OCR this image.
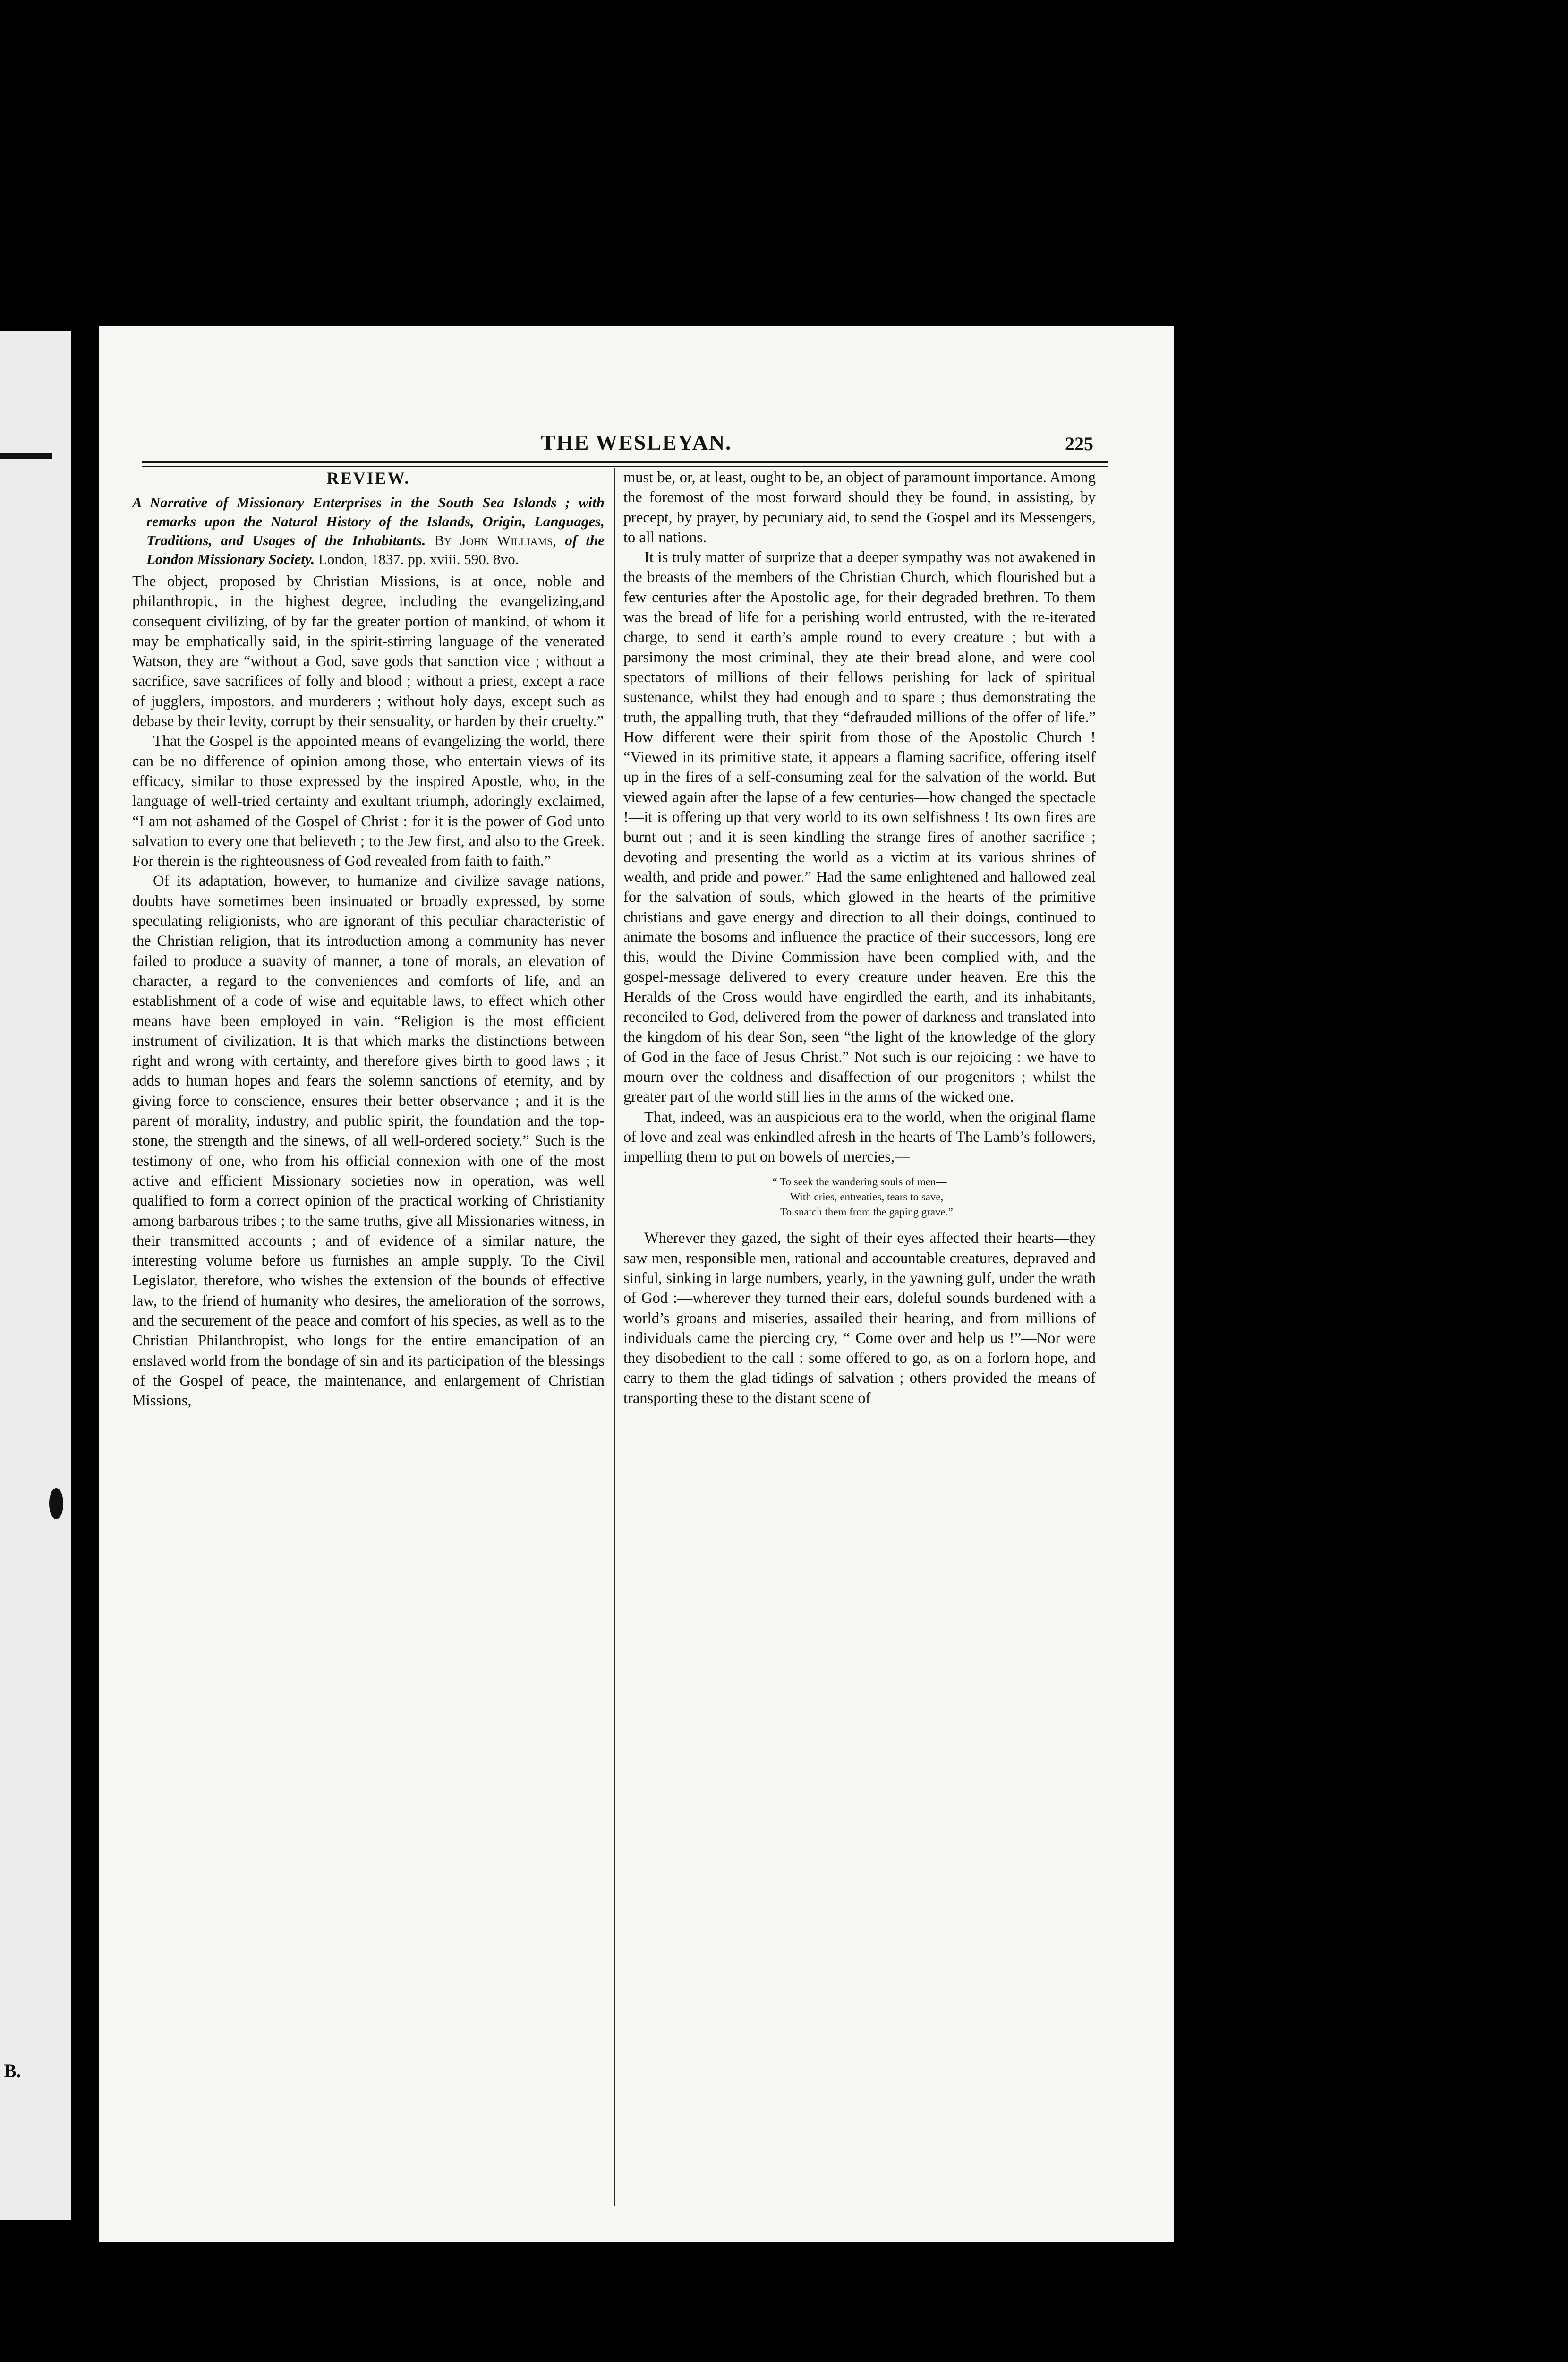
B.
THE WESLEYAN.	225
REVIEW.
A Narrative of Missionary Enterprises in the South Sea Islands ; with remarks upon the Natural History of the Islands, Origin, Languages, Traditions, and Usages of the Inhabitants. By John Williams, of the London Missionary Society. London, 1837. pp. xviii. 590. 8vo.

The object, proposed by Christian Missions, is at once, noble and philanthropic, in the highest degree, including the evangelizing,and consequent civilizing, of by far the greater portion of mankind, of whom it may be emphatically said, in the spirit-stirring language of the venerated Watson, they are “without a God, save gods that sanction vice ; without a sacrifice, save sacrifices of folly and blood ; without a priest, except a race of jugglers, impostors, and murderers ; without holy days, except such as debase by their levity, corrupt by their sensuality, or harden by their cruelty.”

That the Gospel is the appointed means of evangelizing the world, there can be no difference of opinion among those, who entertain views of its efficacy, similar to those expressed by the inspired Apostle, who, in the language of well-tried certainty and exultant triumph, adoringly exclaimed, “I am not ashamed of the Gospel of Christ : for it is the power of God unto salvation to every one that believeth ; to the Jew first, and also to the Greek. For therein is the righteousness of God revealed from faith to faith.”

Of its adaptation, however, to humanize and civilize savage nations, doubts have sometimes been insinuated or broadly expressed, by some speculating religionists, who are ignorant of this peculiar characteristic of the Christian religion, that its introduction among a community has never failed to produce a suavity of manner, a tone of morals, an elevation of character, a regard to the conveniences and comforts of life, and an establishment of a code of wise and equitable laws, to effect which other means have been employed in vain. “Religion is the most efficient instrument of civilization. It is that which marks the distinctions between right and wrong with certainty, and therefore gives birth to good laws ; it adds to human hopes and fears the solemn sanctions of eternity, and by giving force to conscience, ensures their better observance ; and it is the parent of morality, industry, and public spirit, the foundation and the top-stone, the strength and the sinews, of all well-ordered society.” Such is the testimony of one, who from his official connexion with one of the most active and efficient Missionary societies now in operation, was well qualified to form a correct opinion of the practical working of Christianity among barbarous tribes ; to the same truths, give all Missionaries witness, in their transmitted accounts ; and of evidence of a similar nature, the interesting volume before us furnishes an ample supply. To the Civil Legislator, therefore, who wishes the extension of the bounds of effective law, to the friend of humanity who desires, the amelioration of the sorrows, and the securement of the peace and comfort of his species, as well as to the Christian Philanthropist, who longs for the entire emancipation of an enslaved world from the bondage of sin and its participation of the blessings of the Gospel of peace, the maintenance, and enlargement of Christian Missions,

must be, or, at least, ought to be, an object of paramount importance. Among the foremost of the most forward should they be found, in assisting, by precept, by prayer, by pecuniary aid, to send the Gospel and its Messengers, to all nations.

It is truly matter of surprize that a deeper sympathy was not awakened in the breasts of the members of the Christian Church, which flourished but a few centuries after the Apostolic age, for their degraded brethren. To them was the bread of life for a perishing world entrusted, with the re-iterated charge, to send it earth’s ample round to every creature ; but with a parsimony the most criminal, they ate their bread alone, and were cool spectators of millions of their fellows perishing for lack of spiritual sustenance, whilst they had enough and to spare ; thus demonstrating the truth, the appalling truth, that they “defrauded millions of the offer of life.” How different were their spirit from those of the Apostolic Church ! “Viewed in its primitive state, it appears a flaming sacrifice, offering itself up in the fires of a self-consuming zeal for the salvation of the world. But viewed again after the lapse of a few centuries—how changed the spectacle !—it is offering up that very world to its own selfishness ! Its own fires are burnt out ; and it is seen kindling the strange fires of another sacrifice ; devoting and presenting the world as a victim at its various shrines of wealth, and pride and power.” Had the same enlightened and hallowed zeal for the salvation of souls, which glowed in the hearts of the primitive christians and gave energy and direction to all their doings, continued to animate the bosoms and influence the practice of their successors, long ere this, would the Divine Commission have been complied with, and the gospel-message delivered to every creature under heaven. Ere this the Heralds of the Cross would have engirdled the earth, and its inhabitants, reconciled to God, delivered from the power of darkness and translated into the kingdom of his dear Son, seen “the light of the knowledge of the glory of God in the face of Jesus Christ.” Not such is our rejoicing : we have to mourn over the coldness and disaffection of our progenitors ; whilst the greater part of the world still lies in the arms of the wicked one.

That, indeed, was an auspicious era to the world, when the original flame of love and zeal was enkindled afresh in the hearts of The Lamb’s followers, impelling them to put on bowels of mercies,—

“ To seek the wandering souls of men—
With cries, entreaties, tears to save,
To snatch them from the gaping grave.”

Wherever they gazed, the sight of their eyes affected their hearts—they saw men, responsible men, rational and accountable creatures, depraved and sinful, sinking in large numbers, yearly, in the yawning gulf, under the wrath of God :—wherever they turned their ears, doleful sounds burdened with a world’s groans and miseries, assailed their hearing, and from millions of individuals came the piercing cry, “ Come over and help us !”—Nor were they disobedient to the call : some offered to go, as on a forlorn hope, and carry to them the glad tidings of salvation ; others provided the means of transporting these to the distant scene of
